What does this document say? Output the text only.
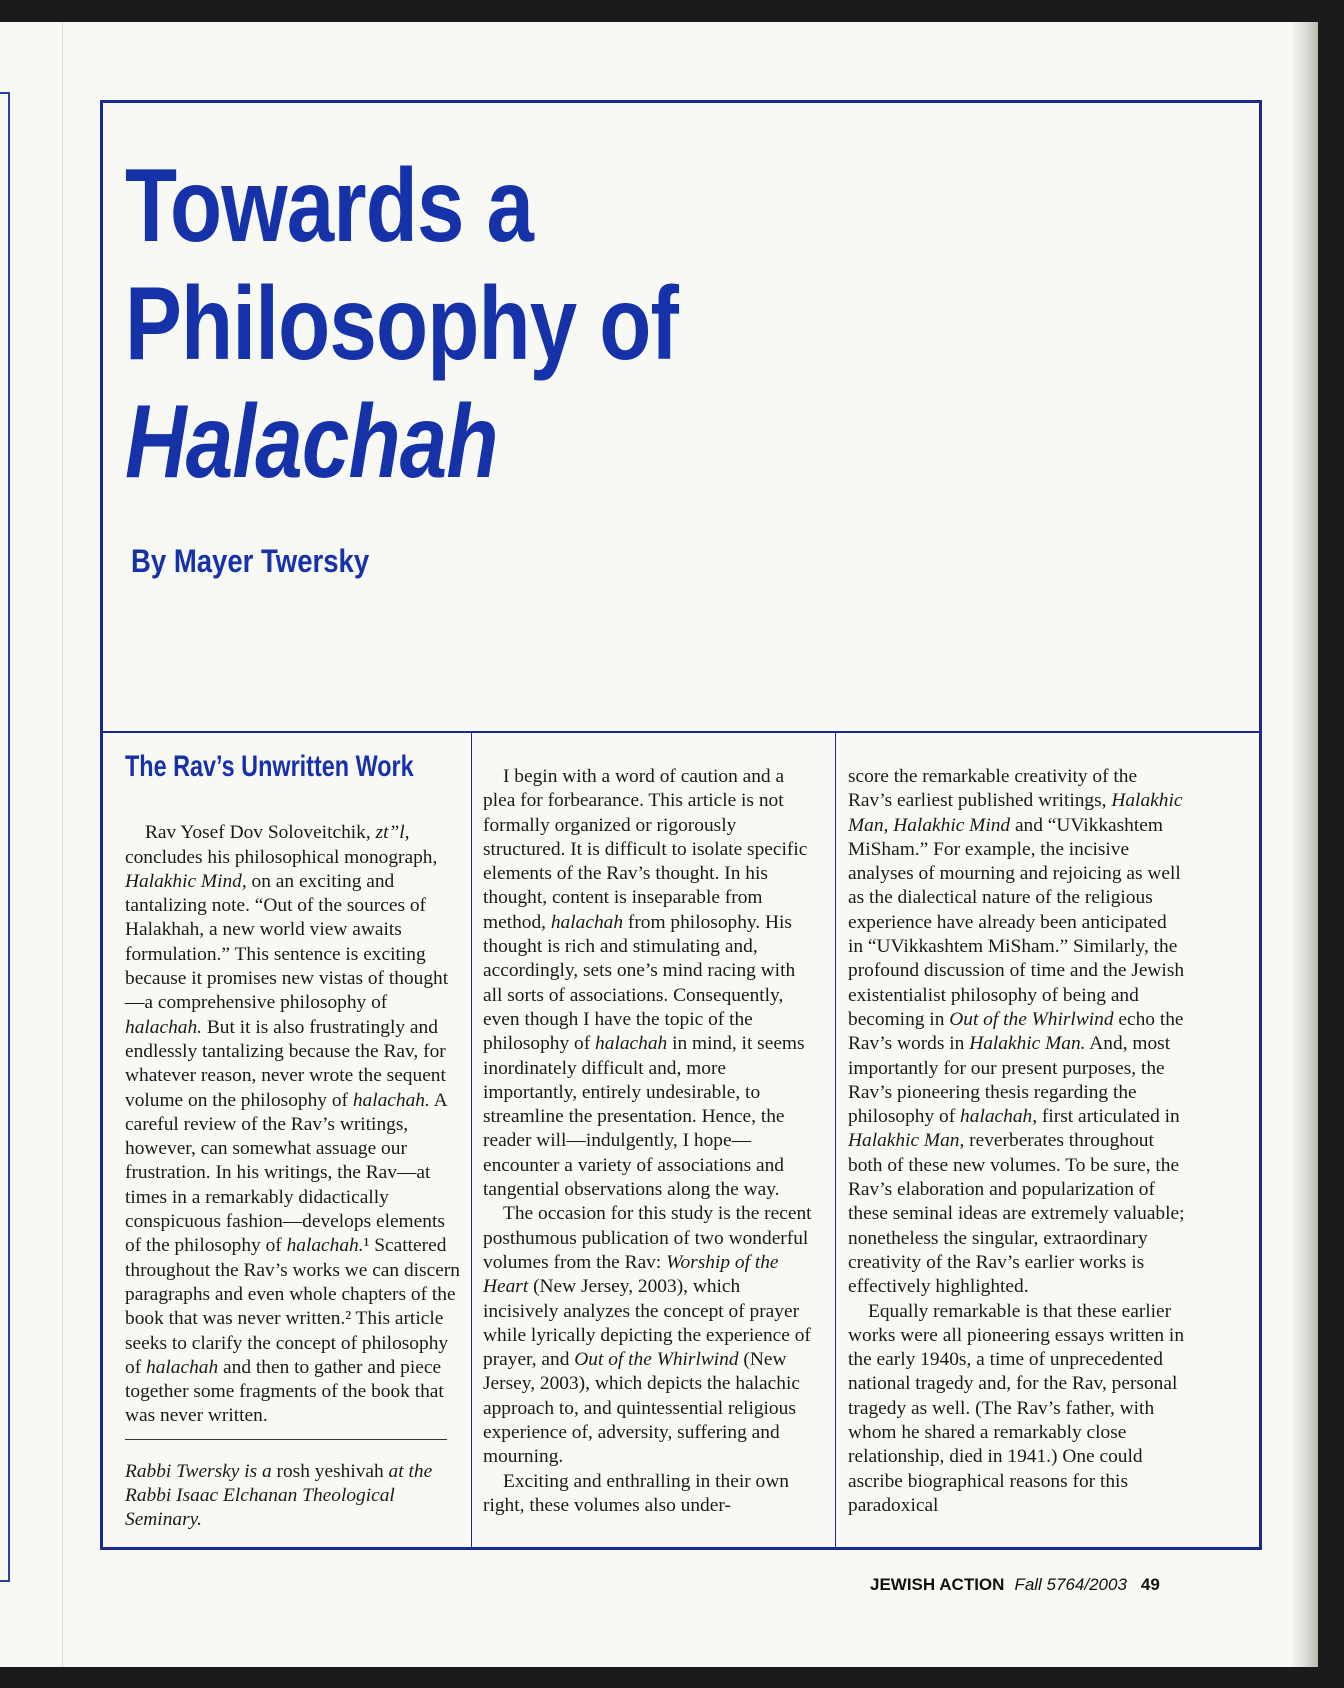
Towards a
Philosophy of
Halachah
By Mayer Twersky
The Rav’s Unwritten Work

Rav Yosef Dov Soloveitchik, zt”l, concludes his philosophical monograph, Halakhic Mind, on an exciting and tantalizing note. “Out of the sources of Halakhah, a new world view awaits formulation.” This sentence is exciting because it promises new vistas of thought—a comprehensive philosophy of halachah. But it is also frustratingly and endlessly tantalizing because the Rav, for whatever reason, never wrote the sequent volume on the philosophy of halachah. A careful review of the Rav’s writings, however, can somewhat assuage our frustration. In his writings, the Rav—at times in a remarkably didactically conspicuous fashion—develops elements of the philosophy of halachah.¹ Scattered throughout the Rav’s works we can discern paragraphs and even whole chapters of the book that was never written.² This article seeks to clarify the concept of philosophy of halachah and then to gather and piece together some fragments of the book that was never written.

Rabbi Twersky is a rosh yeshivah at the Rabbi Isaac Elchanan Theological Seminary.

I begin with a word of caution and a plea for forbearance. This article is not formally organized or rigorously structured. It is difficult to isolate specific elements of the Rav’s thought. In his thought, content is inseparable from method, halachah from philosophy. His thought is rich and stimulating and, accordingly, sets one’s mind racing with all sorts of associations. Consequently, even though I have the topic of the philosophy of halachah in mind, it seems inordinately difficult and, more importantly, entirely undesirable, to streamline the presentation. Hence, the reader will—indulgently, I hope—encounter a variety of associations and tangential observations along the way.

The occasion for this study is the recent posthumous publication of two wonderful volumes from the Rav: Worship of the Heart (New Jersey, 2003), which incisively analyzes the concept of prayer while lyrically depicting the experience of prayer, and Out of the Whirlwind (New Jersey, 2003), which depicts the halachic approach to, and quintessential religious experience of, adversity, suffering and mourning.

Exciting and enthralling in their own right, these volumes also under-

score the remarkable creativity of the Rav’s earliest published writings, Halakhic Man, Halakhic Mind and “UVikkashtem MiSham.” For example, the incisive analyses of mourning and rejoicing as well as the dialectical nature of the religious experience have already been anticipated in “UVikkashtem MiSham.” Similarly, the profound discussion of time and the Jewish existentialist philosophy of being and becoming in Out of the Whirlwind echo the Rav’s words in Halakhic Man. And, most importantly for our present purposes, the Rav’s pioneering thesis regarding the philosophy of halachah, first articulated in Halakhic Man, reverberates throughout both of these new volumes. To be sure, the Rav’s elaboration and popularization of these seminal ideas are extremely valuable; nonetheless the singular, extraordinary creativity of the Rav’s earlier works is effectively highlighted.

Equally remarkable is that these earlier works were all pioneering essays written in the early 1940s, a time of unprecedented national tragedy and, for the Rav, personal tragedy as well. (The Rav’s father, with whom he shared a remarkably close relationship, died in 1941.) One could ascribe biographical reasons for this paradoxical

JEWISH ACTION Fall 5764/2003 49
